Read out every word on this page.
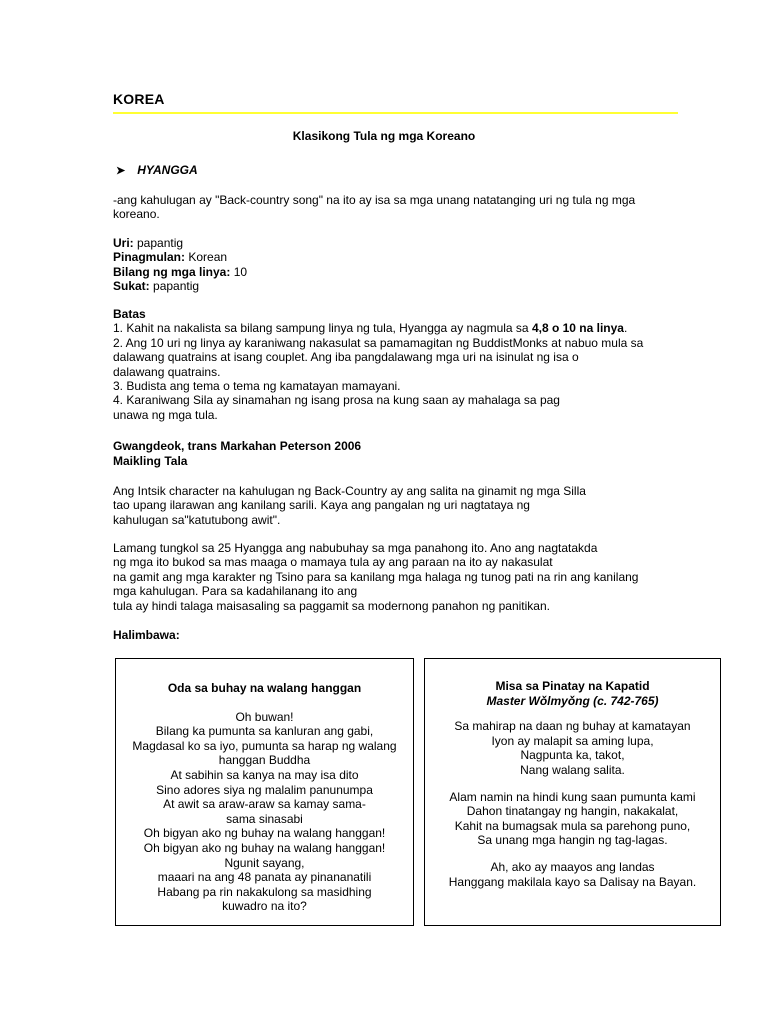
KOREA
Klasikong Tula ng mga Koreano
➤ HYANGGA

-ang kahulugan ay "Back-country song" na ito ay isa sa mga unang natatanging uri ng tula ng mga

koreano.

Uri: papantig

Pinagmulan: Korean

Bilang ng mga linya: 10

Sukat: papantig

Batas

1. Kahit na nakalista sa bilang sampung linya ng tula, Hyangga ay nagmula sa 4,8 o 10 na linya.

2. Ang 10 uri ng linya ay karaniwang nakasulat sa pamamagitan ng BuddistMonks at nabuo mula sa

dalawang quatrains at isang couplet. Ang iba pangdalawang mga uri na isinulat ng isa o

dalawang quatrains.

3. Budista ang tema o tema ng kamatayan mamayani.

4. Karaniwang Sila ay sinamahan ng isang prosa na kung saan ay mahalaga sa pag

unawa ng mga tula.

Gwangdeok, trans Markahan Peterson 2006

Maikling Tala

Ang Intsik character na kahulugan ng Back-Country ay ang salita na ginamit ng mga Silla

tao upang ilarawan ang kanilang sarili. Kaya ang pangalan ng uri nagtataya ng

kahulugan sa"katutubong awit".

Lamang tungkol sa 25 Hyangga ang nabubuhay sa mga panahong ito. Ano ang nagtatakda

ng mga ito bukod sa mas maaga o mamaya tula ay ang paraan na ito ay nakasulat

na gamit ang mga karakter ng Tsino para sa kanilang mga halaga ng tunog pati na rin ang kanilang

mga kahulugan. Para sa kadahilanang ito ang

tula ay hindi talaga maisasaling sa paggamit sa modernong panahon ng panitikan.

Halimbawa:

Oda sa buhay na walang hanggan

Oh buwan!

Bilang ka pumunta sa kanluran ang gabi,

Magdasal ko sa iyo, pumunta sa harap ng walang

hanggan Buddha

At sabihin sa kanya na may isa dito

Sino adores siya ng malalim panunumpa

At awit sa araw-araw sa kamay sama-

sama sinasabi

Oh bigyan ako ng buhay na walang hanggan!

Oh bigyan ako ng buhay na walang hanggan!

Ngunit sayang,

maaari na ang 48 panata ay pinananatili

Habang pa rin nakakulong sa masidhing

kuwadro na ito?

Misa sa Pinatay na Kapatid

Master Wǒlmyǒng (c. 742-765)

Sa mahirap na daan ng buhay at kamatayan

Iyon ay malapit sa aming lupa,

Nagpunta ka, takot,

Nang walang salita.

Alam namin na hindi kung saan pumunta kami

Dahon tinatangay ng hangin, nakakalat,

Kahit na bumagsak mula sa parehong puno,

Sa unang mga hangin ng tag-lagas.

Ah, ako ay maayos ang landas

Hanggang makilala kayo sa Dalisay na Bayan.
